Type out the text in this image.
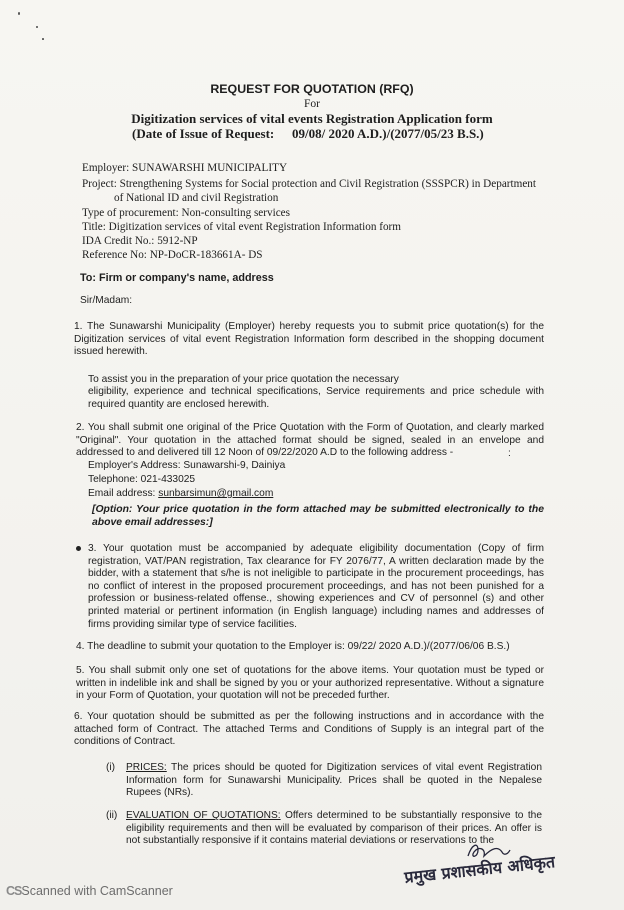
REQUEST FOR QUOTATION (RFQ)
For
Digitization services of vital events Registration Application form
(Date of Issue of Request: 09/08/ 2020 A.D.)/(2077/05/23 B.S.)
Employer: SUNAWARSHI MUNICIPALITY
Project: Strengthening Systems for Social protection and Civil Registration (SSSPCR) in Department
of National ID and civil Registration
Type of procurement: Non-consulting services
Title: Digitization services of vital event Registration Information form
IDA Credit No.: 5912-NP
Reference No: NP-DoCR-183661A- DS
To: Firm or company's name, address
Sir/Madam:
1. The Sunawarshi Municipality (Employer) hereby requests you to submit price quotation(s) for the Digitization services of vital event Registration Information form described in the shopping document issued herewith.
To assist you in the preparation of your price quotation the necessary
eligibility, experience and technical specifications, Service requirements and price schedule with required quantity are enclosed herewith.
2. You shall submit one original of the Price Quotation with the Form of Quotation, and clearly marked "Original". Your quotation in the attached format should be signed, sealed in an envelope and addressed to and delivered till 12 Noon of 09/22/2020 A.D to the following address -	:
Employer's Address: Sunawarshi-9, Dainiya
Telephone: 021-433025
Email address: sunbarsimun@gmail.com
[Option: Your price quotation in the form attached may be submitted electronically to the above email addresses:]
3. Your quotation must be accompanied by adequate eligibility documentation (Copy of firm registration, VAT/PAN registration, Tax clearance for FY 2076/77, A written declaration made by the bidder, with a statement that s/he is not ineligible to participate in the procurement proceedings, has no conflict of interest in the proposed procurement proceedings, and has not been punished for a profession or business-related offense., showing experiences and CV of personnel (s) and other printed material or pertinent information (in English language) including names and addresses of firms providing similar type of service facilities.
4. The deadline to submit your quotation to the Employer is: 09/22/ 2020 A.D.)/(2077/06/06 B.S.)
5. You shall submit only one set of quotations for the above items. Your quotation must be typed or written in indelible ink and shall be signed by you or your authorized representative. Without a signature in your Form of Quotation, your quotation will not be preceded further.
6. Your quotation should be submitted as per the following instructions and in accordance with the attached form of Contract. The attached Terms and Conditions of Supply is an integral part of the conditions of Contract.
(i) PRICES: The prices should be quoted for Digitization services of vital event Registration Information form for Sunawarshi Municipality. Prices shall be quoted in the Nepalese Rupees (NRs).
(ii) EVALUATION OF QUOTATIONS: Offers determined to be substantially responsive to the eligibility requirements and then will be evaluated by comparison of their prices. An offer is not substantially responsive if it contains material deviations or reservations to the
प्रमुख प्रशासकीय अधिकृत
CSScanned with CamScanner
